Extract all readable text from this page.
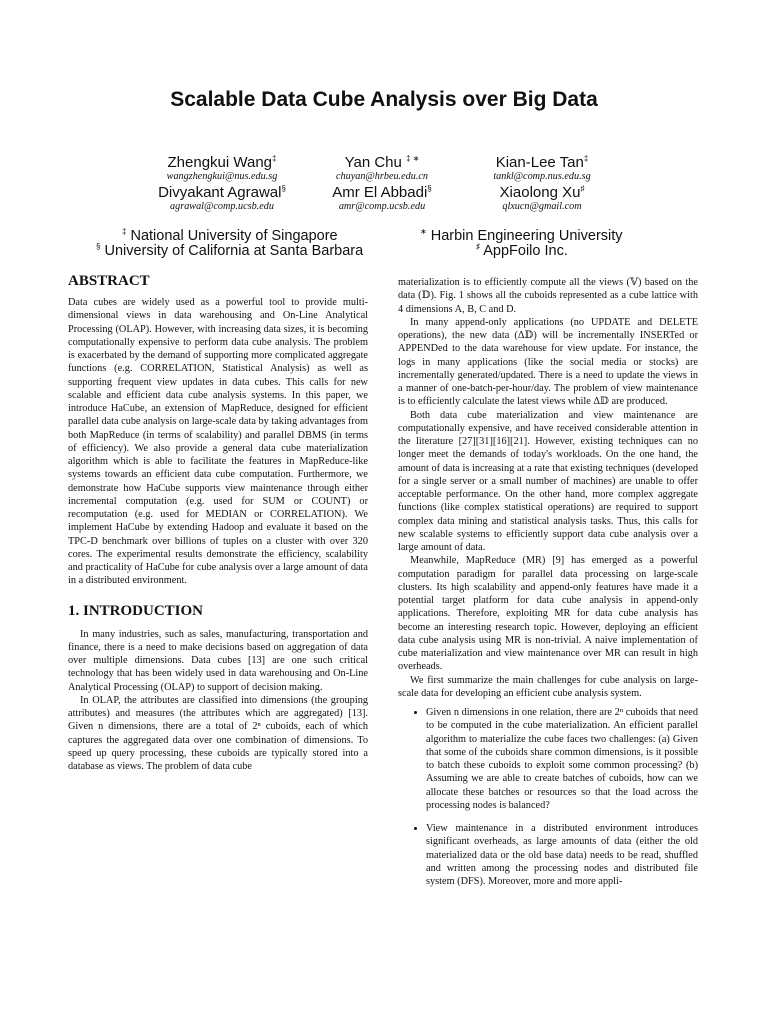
Scalable Data Cube Analysis over Big Data
Zhengkui Wang‡
wangzhengkui@nus.edu.sg
Yan Chu ‡ ∗
chuyan@hrbeu.edu.cn
Kian-Lee Tan‡
tankl@comp.nus.edu.sg
Divyakant Agrawal§
agrawal@comp.ucsb.edu
Amr El Abbadi§
amr@comp.ucsb.edu
Xiaolong Xu♯
qlxucn@gmail.com
‡ National University of Singapore
§ University of California at Santa Barbara
∗ Harbin Engineering University
♯ AppFoilo Inc.
ABSTRACT

Data cubes are widely used as a powerful tool to provide multi-dimensional views in data warehousing and On-Line Analytical Processing (OLAP). However, with increasing data sizes, it is becoming computationally expensive to perform data cube analysis. The problem is exacerbated by the demand of supporting more complicated aggregate functions (e.g. CORRELATION, Statistical Analysis) as well as supporting frequent view updates in data cubes. This calls for new scalable and efficient data cube analysis systems. In this paper, we introduce HaCube, an extension of MapReduce, designed for efficient parallel data cube analysis on large-scale data by taking advantages from both MapReduce (in terms of scalability) and parallel DBMS (in terms of efficiency). We also provide a general data cube materialization algorithm which is able to facilitate the features in MapReduce-like systems towards an efficient data cube computation. Furthermore, we demonstrate how HaCube supports view maintenance through either incremental computation (e.g. used for SUM or COUNT) or recomputation (e.g. used for MEDIAN or CORRELATION). We implement HaCube by extending Hadoop and evaluate it based on the TPC-D benchmark over billions of tuples on a cluster with over 320 cores. The experimental results demonstrate the efficiency, scalability and practicality of HaCube for cube analysis over a large amount of data in a distributed environment.

1. INTRODUCTION

In many industries, such as sales, manufacturing, transportation and finance, there is a need to make decisions based on aggregation of data over multiple dimensions. Data cubes [13] are one such critical technology that has been widely used in data warehousing and On-Line Analytical Processing (OLAP) to support of decision making.

In OLAP, the attributes are classified into dimensions (the grouping attributes) and measures (the attributes which are aggregated) [13]. Given n dimensions, there are a total of 2ⁿ cuboids, each of which captures the aggregated data over one combination of dimensions. To speed up query processing, these cuboids are typically stored into a database as views. The problem of data cube

materialization is to efficiently compute all the views (𝕍) based on the data (𝔻). Fig. 1 shows all the cuboids represented as a cube lattice with 4 dimensions A, B, C and D.

In many append-only applications (no UPDATE and DELETE operations), the new data (Δ𝔻) will be incrementally INSERTed or APPENDed to the data warehouse for view update. For instance, the logs in many applications (like the social media or stocks) are incrementally generated/updated. There is a need to update the views in a manner of one-batch-per-hour/day. The problem of view maintenance is to efficiently calculate the latest views while Δ𝔻 are produced.

Both data cube materialization and view maintenance are computationally expensive, and have received considerable attention in the literature [27][31][16][21]. However, existing techniques can no longer meet the demands of today's workloads. On the one hand, the amount of data is increasing at a rate that existing techniques (developed for a single server or a small number of machines) are unable to offer acceptable performance. On the other hand, more complex aggregate functions (like complex statistical operations) are required to support complex data mining and statistical analysis tasks. Thus, this calls for new scalable systems to efficiently support data cube analysis over a large amount of data.

Meanwhile, MapReduce (MR) [9] has emerged as a powerful computation paradigm for parallel data processing on large-scale clusters. Its high scalability and append-only features have made it a potential target platform for data cube analysis in append-only applications. Therefore, exploiting MR for data cube analysis has become an interesting research topic. However, deploying an efficient data cube analysis using MR is non-trivial. A naive implementation of cube materialization and view maintenance over MR can result in high overheads.

We first summarize the main challenges for cube analysis on large-scale data for developing an efficient cube analysis system.

• Given n dimensions in one relation, there are 2ⁿ cuboids that need to be computed in the cube materialization. An efficient parallel algorithm to materialize the cube faces two challenges: (a) Given that some of the cuboids share common dimensions, is it possible to batch these cuboids to exploit some common processing? (b) Assuming we are able to create batches of cuboids, how can we allocate these batches or resources so that the load across the processing nodes is balanced?
• View maintenance in a distributed environment introduces significant overheads, as large amounts of data (either the old materialized data or the old base data) needs to be read, shuffled and written among the processing nodes and distributed file system (DFS). Moreover, more and more appli-
